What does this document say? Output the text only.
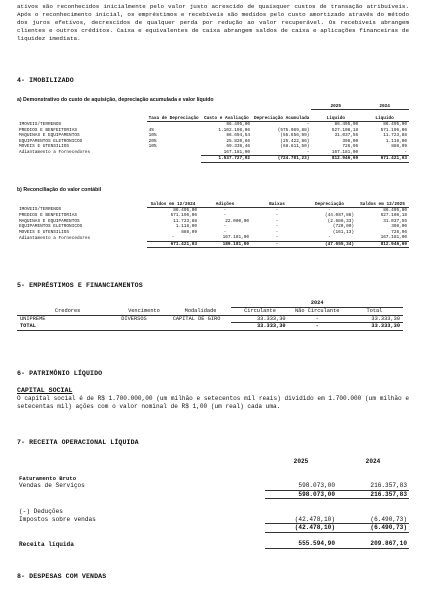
ativos são reconhecidos inicialmente pelo valor justo acrescido de quaisquer custos de transação atribuíveis. Após o reconhecimento inicial, os empréstimos e recebíveis são medidos pelo custo amortizado através do método dos juros efetivos, decrescidos de qualquer perda por redução ao valor recuperável. Os recebíveis abrangem clientes e outros créditos. Caixa e equivalentes de caixa abrangem saldos de caixa e aplicações financeiras de liquidez imediata.
4- IMOBILIZADO
a) Demonstrativo do custo de aquisição, depreciação acumulada e valor líquido
				2025	2024
	Taxa de Depreciação	Custo e Avaliação	Depreciação Acumulada	Líquido	Líquido
IMOVEIS/TERRENOS		86.495,00	-	86.495,00	86.495,00
PREDIOS E BENFEITORIAS	4%	1.102.198,06	(575.089,88)	527.108,18	571.196,06
MAQUINAS E EQUIPAMENTOS	10%	86.694,54	(55.656,99)	31.037,55	11.723,88
EQUIPAMENTOS ELETRONICOS	20%	25.820,86	(25.422,86)	398,00	1.118,00
MOVEIS E UTENSILIOS	10%	69.338,46	(68.611,50)	726,96	888,09
Adiantamento a Fornecedores		167.181,00	-	167.181,00	-
		1.537.727,92	(724.781,23)	812.946,69	671.421,03
b) Reconciliação do valor contábil
	Saldos em 12/2024	Adições	Baixas	Depreciação	Saldos em 12/2025
IMOVEIS/TERRENOS	86.495,00	-	-	-	86.495,00
PREDIOS E BENFEITORIAS	571.196,06	-	-	(44.087,88)	527.108,18
MAQUINAS E EQUIPAMENTOS	11.723,88	22.000,00	-	(2.686,33)	31.037,55
EQUIPAMENTOS ELETRONICOS	1.118,00	-	-	(720,00)	398,00
MOVEIS E UTENSILIOS	888,09	-	-	(161,13)	726,96
Adiantamento a Fornecedores	-	167.181,00	-	-	167.181,00
	671.421,03	189.181,00	-	(47.655,34)	812.946,69
5- EMPRÉSTIMOS E FINANCIAMENTOS
			2024			
Credores	Vencimento	Modalidade	Circulante	Não Circulante	Total	

UNIPREME	DIVERSOS	CAPITAL DE GIRO	33.333,30	-	33.333,30	
TOTAL			33.333,30	-	33.333,30	
6- PATRIMÔNIO LÍQUIDO
CAPITAL SOCIAL
O capital social é de R$ 1.700.000,00 (um milhão e setecentos mil reais) dividido em 1.700.000 (um milhão e setecentas mil) ações com o valor nominal de R$ 1,00 (um real) cada uma.
7- RECEITA OPERACIONAL LÍQUIDA
	2025	2024

Faturamento Bruto		
Vendas de Serviços	598.073,00	216.357,83
	598.073,00	216.357,83

(-) Deduções		
Impostos sobre vendas	(42.478,10)	(6.490,73)
	(42.478,10)	(6.490,73)

Receita líquida	555.594,90	209.867,10
8- DESPESAS COM VENDAS
